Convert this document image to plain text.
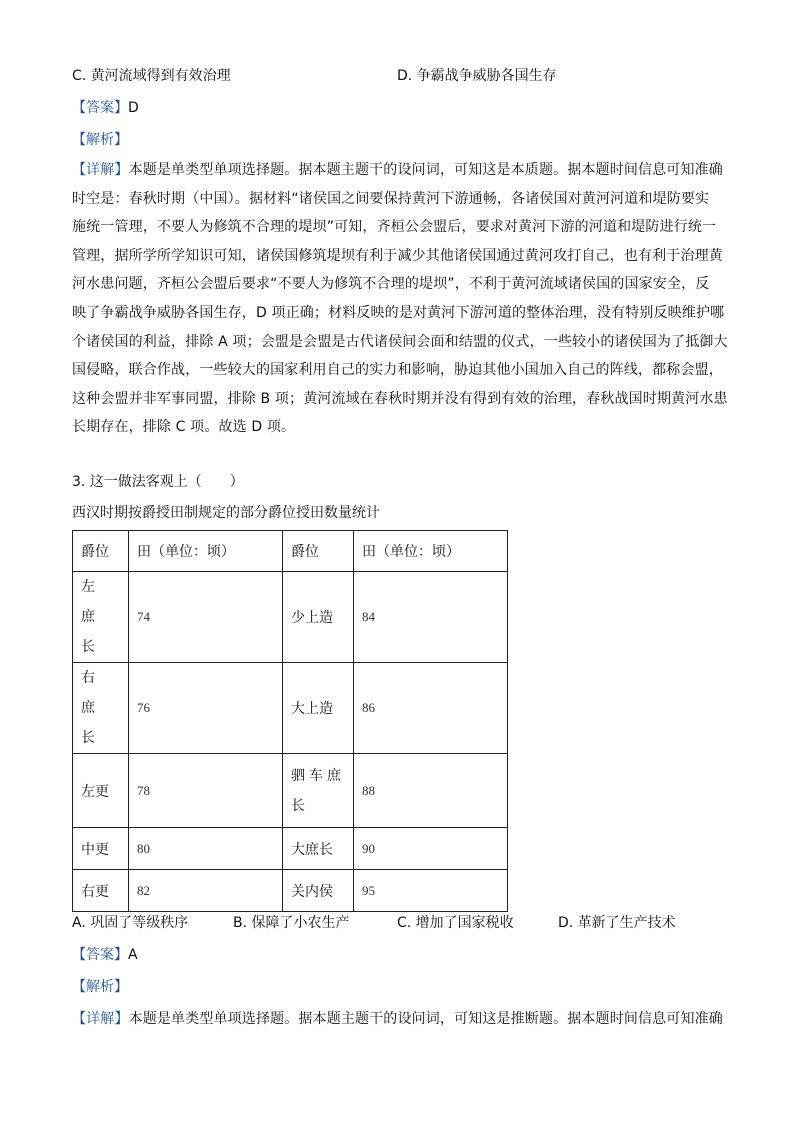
C. 黄河流域得到有效治理	D. 争霸战争威胁各国生存
【答案】D
【解析】
【详解】本题是单类型单项选择题。据本题主题干的设问词，可知这是本质题。据本题时间信息可知准确
时空是：春秋时期（中国）。据材料“诸侯国之间要保持黄河下游通畅，各诸侯国对黄河河道和堤防要实
施统一管理，不要人为修筑不合理的堤坝”可知，齐桓公会盟后，要求对黄河下游的河道和堤防进行统一
管理，据所学所学知识可知，诸侯国修筑堤坝有利于减少其他诸侯国通过黄河攻打自己，也有利于治理黄
河水患问题，齐桓公会盟后要求“不要人为修筑不合理的堤坝”，不利于黄河流域诸侯国的国家安全，反
映了争霸战争威胁各国生存，D 项正确；材料反映的是对黄河下游河道的整体治理，没有特别反映维护哪
个诸侯国的利益，排除 A 项；会盟是会盟是古代诸侯间会面和结盟的仪式，一些较小的诸侯国为了抵御大
国侵略，联合作战，一些较大的国家利用自己的实力和影响，胁迫其他小国加入自己的阵线，都称会盟，
这种会盟并非军事同盟，排除 B 项；黄河流域在春秋时期并没有得到有效的治理，春秋战国时期黄河水患
长期存在，排除 C 项。故选 D 项。
3. 这一做法客观上（　　）
西汉时期按爵授田制规定的部分爵位授田数量统计
爵位	田（单位：顷）	爵位	田（单位：顷）

左庶长	74	少上造	84

右庶长	76	大上造	86
左更	78	驷车庶长	88
中更	80	大庶长	90
右更	82	关内侯	95
A. 巩固了等级秩序	B. 保障了小农生产	C. 增加了国家税收	D. 革新了生产技术
【答案】A
【解析】
【详解】本题是单类型单项选择题。据本题主题干的设问词，可知这是推断题。据本题时间信息可知准确
